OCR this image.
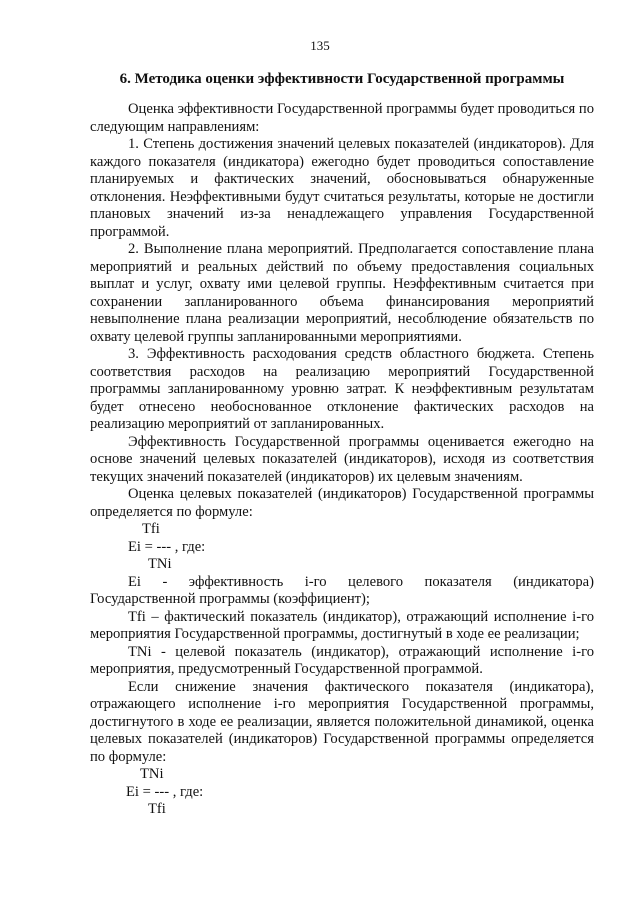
135
6. Методика оценки эффективности Государственной программы

Оценка эффективности Государственной программы будет проводиться по следующим направлениям:

1. Степень достижения значений целевых показателей (индикаторов). Для каждого показателя (индикатора) ежегодно будет проводиться сопоставление планируемых и фактических значений, обосновываться обнаруженные отклонения. Неэффективными будут считаться результаты, которые не достигли плановых значений из-за ненадлежащего управления Государственной программой.

2. Выполнение плана мероприятий. Предполагается сопоставление плана мероприятий и реальных действий по объему предоставления социальных выплат и услуг, охвату ими целевой группы. Неэффективным считается при сохранении запланированного объема финансирования мероприятий невыполнение плана реализации мероприятий, несоблюдение обязательств по охвату целевой группы запланированными мероприятиями.

3. Эффективность расходования средств областного бюджета. Степень соответствия расходов на реализацию мероприятий Государственной программы запланированному уровню затрат. К неэффективным результатам будет отнесено необоснованное отклонение фактических расходов на реализацию мероприятий от запланированных.

Эффективность Государственной программы оценивается ежегодно на основе значений целевых показателей (индикаторов), исходя из соответствия текущих значений показателей (индикаторов) их целевым значениям.

Оценка целевых показателей (индикаторов) Государственной программы определяется по формуле:

Tfi

Ei = --- , где:

TNi

Ei - эффективность i-го целевого показателя (индикатора) Государственной программы (коэффициент);

Tfi – фактический показатель (индикатор), отражающий исполнение i-го мероприятия Государственной программы, достигнутый в ходе ее реализации;

TNi - целевой показатель (индикатор), отражающий исполнение i-го мероприятия, предусмотренный Государственной программой.

Если снижение значения фактического показателя (индикатора), отражающего исполнение i-го мероприятия Государственной программы, достигнутого в ходе ее реализации, является положительной динамикой, оценка целевых показателей (индикаторов) Государственной программы определяется по формуле:

TNi

Ei = --- , где:

Tfi
